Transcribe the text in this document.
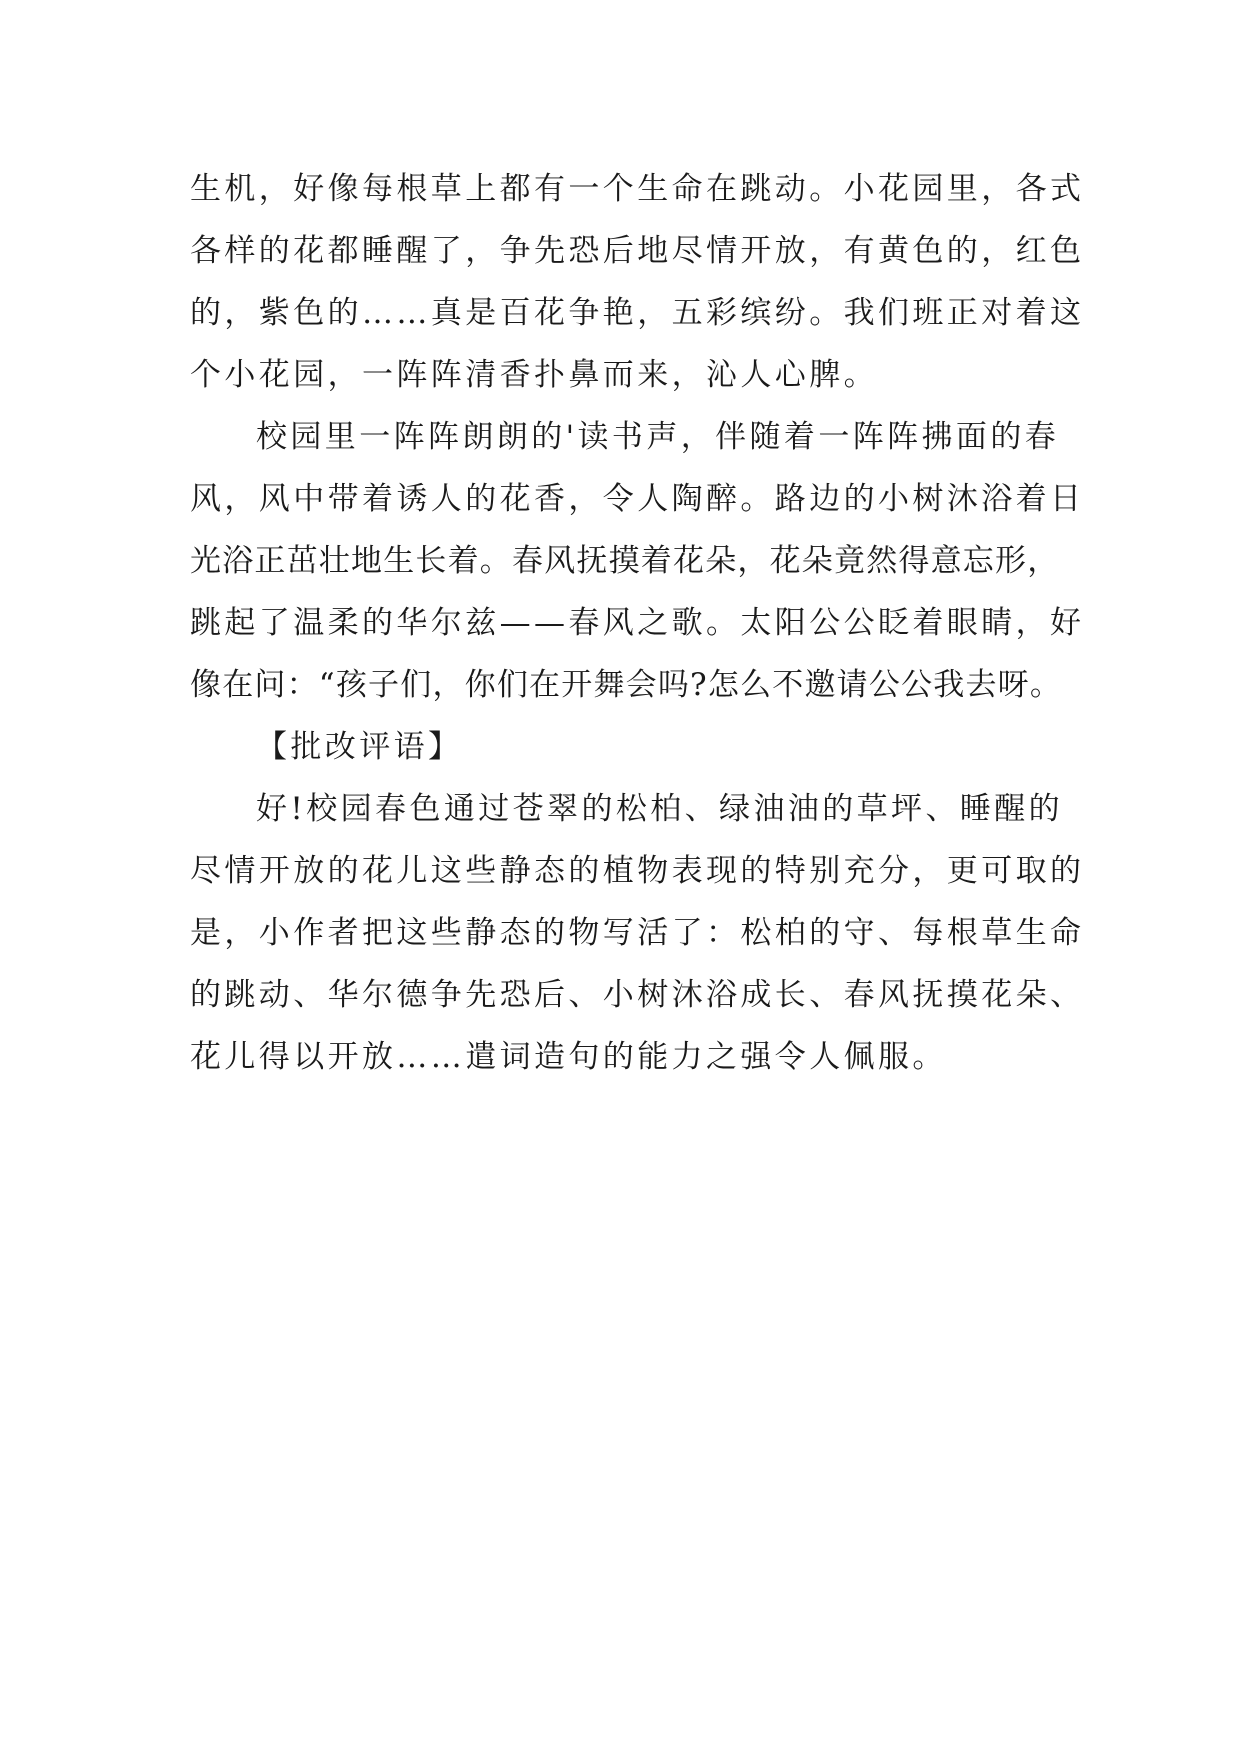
生机，好像每根草上都有一个生命在跳动。小花园里，各式
各样的花都睡醒了，争先恐后地尽情开放，有黄色的，红色
的，紫色的……真是百花争艳，五彩缤纷。我们班正对着这
个小花园，一阵阵清香扑鼻而来，沁人心脾。
校园里一阵阵朗朗的'读书声，伴随着一阵阵拂面的春
风，风中带着诱人的花香，令人陶醉。路边的小树沐浴着日
光浴正茁壮地生长着。春风抚摸着花朵，花朵竟然得意忘形，
跳起了温柔的华尔兹——春风之歌。太阳公公眨着眼睛，好
像在问：“孩子们，你们在开舞会吗?怎么不邀请公公我去呀。
【批改评语】
好!校园春色通过苍翠的松柏、绿油油的草坪、睡醒的
尽情开放的花儿这些静态的植物表现的特别充分，更可取的
是，小作者把这些静态的物写活了：松柏的守、每根草生命
的跳动、华尔德争先恐后、小树沐浴成长、春风抚摸花朵、
花儿得以开放……遣词造句的能力之强令人佩服。
